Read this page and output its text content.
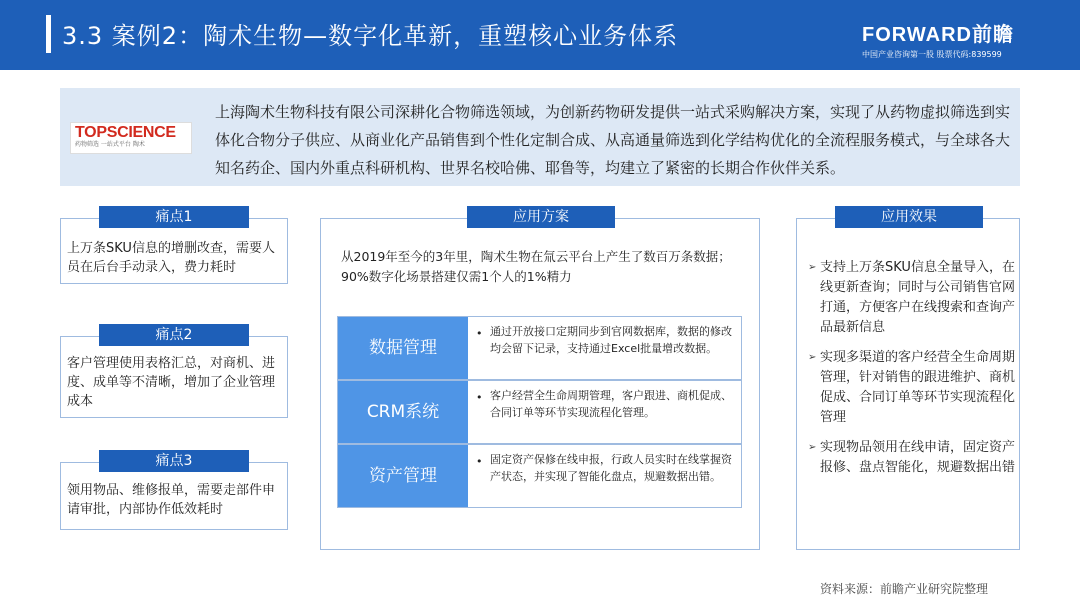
3.3 案例2：陶术生物—数字化革新，重塑核心业务体系	FORWARD前瞻
中国产业咨询第一股 股票代码:839599
TOPSCIENCE
药物筛选 一站式平台 陶术
上海陶术生物科技有限公司深耕化合物筛选领域，为创新药物研发提供一站式采购解决方案，实现了从药物虚拟筛选到实体化合物分子供应、从商业化产品销售到个性化定制合成、从高通量筛选到化学结构优化的全流程服务模式，与全球各大知名药企、国内外重点科研机构、世界名校哈佛、耶鲁等，均建立了紧密的长期合作伙伴关系。
痛点1
上万条SKU信息的增删改查，需要人员在后台手动录入，费力耗时
痛点2
客户管理使用表格汇总，对商机、进度、成单等不清晰，增加了企业管理成本
痛点3
领用物品、维修报单，需要走部件申请审批，内部协作低效耗时
应用方案
从2019年至今的3年里，陶术生物在氚云平台上产生了数百万条数据；90%数字化场景搭建仅需1个人的1%精力
数据管理
• 通过开放接口定期同步到官网数据库，数据的修改均会留下记录，支持通过Excel批量增改数据。
CRM系统
• 客户经营全生命周期管理，客户跟进、商机促成、合同订单等环节实现流程化管理。
资产管理
• 固定资产保修在线申报，行政人员实时在线掌握资产状态，并实现了智能化盘点，规避数据出错。
应用效果
➢ 支持上万条SKU信息全量导入，在线更新查询；同时与公司销售官网打通，方便客户在线搜索和查询产品最新信息
➢ 实现多渠道的客户经营全生命周期管理，针对销售的跟进维护、商机促成、合同订单等环节实现流程化管理
➢ 实现物品领用在线申请，固定资产报修、盘点智能化，规避数据出错
资料来源：前瞻产业研究院整理
